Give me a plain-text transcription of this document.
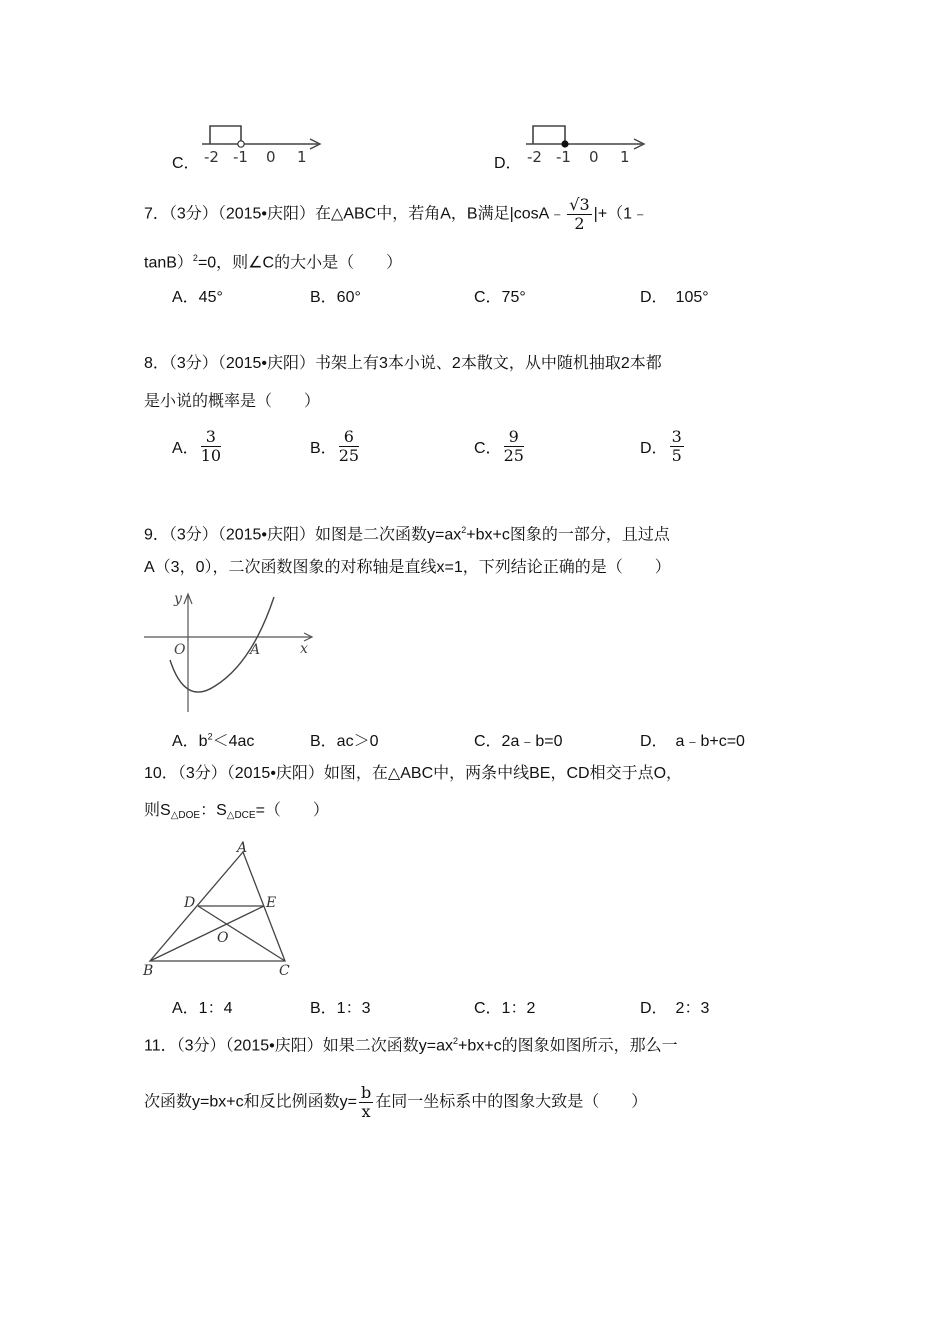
C． -2 -1 0 1	D． -2 -1 0 1
7．（3分）（2015•庆阳）在△ABC中，若角A，B满足|cosA﹣ $\frac{√3}{2}$ |+（1﹣
tanB）$^2$=0，则∠C的大小是（　　）
A．45°	B．60°	C．75°	D．　105°
8．（3分）（2015•庆阳）书架上有3本小说、2本散文，从中随机抽取2本都
是小说的概率是（　　）
A． $\frac{3}{10}$	B． $\frac{6}{25}$	C． $\frac{9}{25}$	D． $\frac{3}{5}$
9．（3分）（2015•庆阳）如图是二次函数$y=ax^2+bx+c$图象的一部分，且过点
A（3，0），二次函数图象的对称轴是直线x=1，下列结论正确的是（　　）
y
x
O	A
A．$b^2<4ac$	B．ac＞0	C．2a﹣b=0	D．　a﹣b+c=0
10．（3分）（2015•庆阳）如图，在△ABC中，两条中线BE，CD相交于点O，
则$S_{\triangle DOE}$：$S_{\triangle DCE}=$（　　）
A
B	C
D	E
O
A．1：4	B．1：3	C．1：2	D．　2：3
11．（3分）（2015•庆阳）如果二次函数$y=ax^2+bx+c$的图象如图所示，那么一
次函数y=bx+c和反比例函数$y= \frac{b}{x}$ 在同一坐标系中的图象大致是（　　）
